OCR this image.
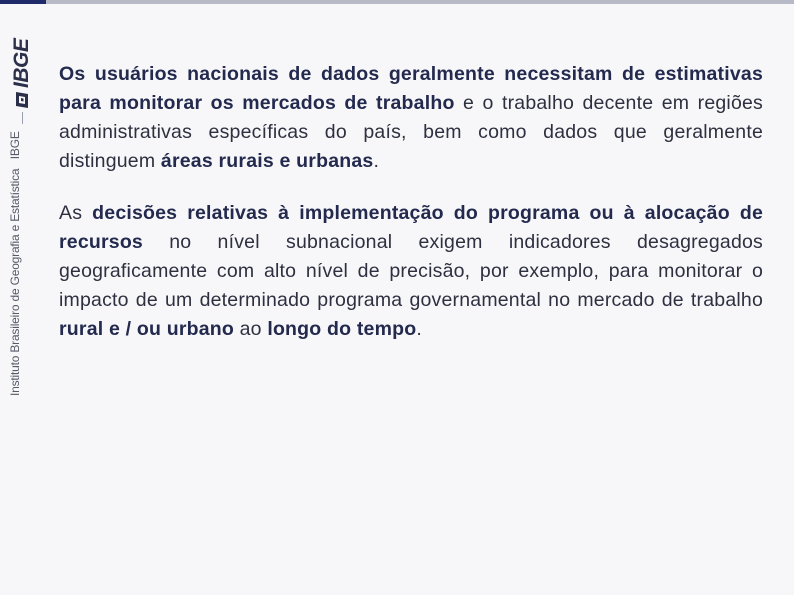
IBGE
Instituto Brasileiro de Geografia e Estatística   IBGE

Os usuários nacionais de dados geralmente necessitam de estimativas para monitorar os mercados de trabalho e o trabalho decente em regiões administrativas específicas do país, bem como dados que geralmente distinguem áreas rurais e urbanas.

As decisões relativas à implementação do programa ou à alocação de recursos no nível subnacional exigem indicadores desagregados geograficamente com alto nível de precisão, por exemplo, para monitorar o impacto de um determinado programa governamental no mercado de trabalho rural e / ou urbano ao longo do tempo.
